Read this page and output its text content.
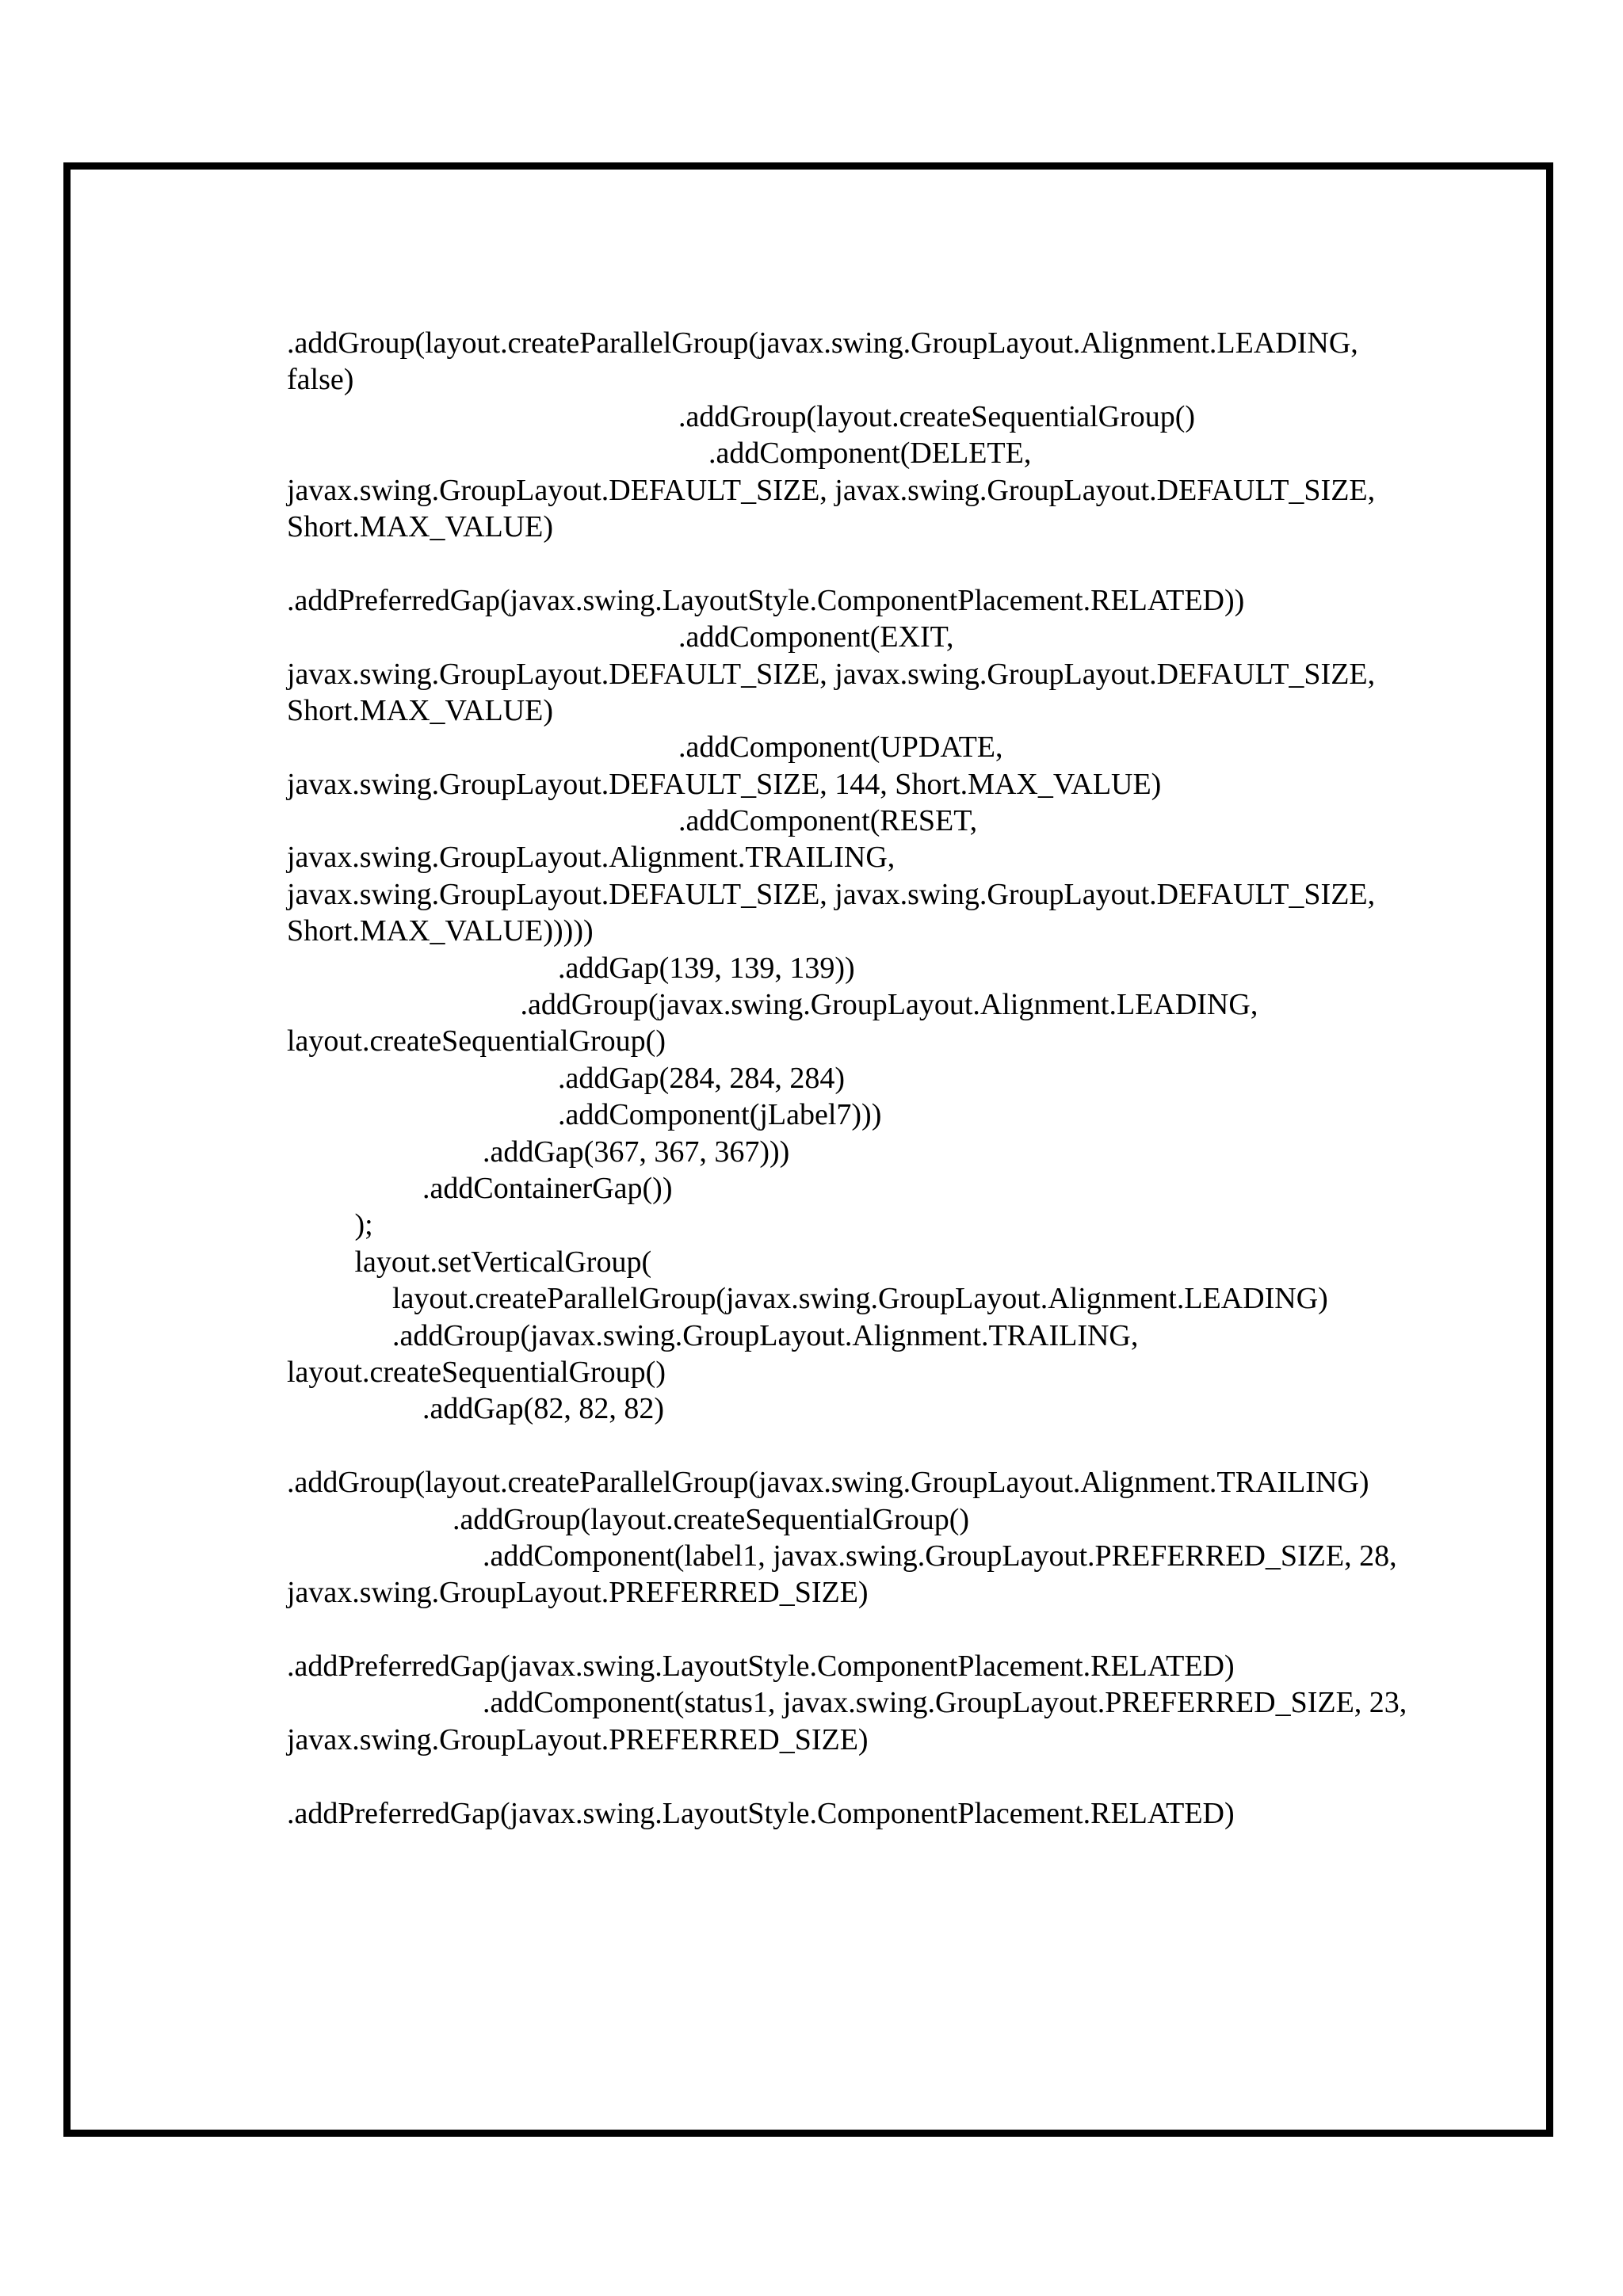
.addGroup(layout.createParallelGroup(javax.swing.GroupLayout.Alignment.LEADING,
false)
.addGroup(layout.createSequentialGroup()
.addComponent(DELETE,
javax.swing.GroupLayout.DEFAULT_SIZE, javax.swing.GroupLayout.DEFAULT_SIZE,
Short.MAX_VALUE)
.addPreferredGap(javax.swing.LayoutStyle.ComponentPlacement.RELATED))
.addComponent(EXIT,
javax.swing.GroupLayout.DEFAULT_SIZE, javax.swing.GroupLayout.DEFAULT_SIZE,
Short.MAX_VALUE)
.addComponent(UPDATE,
javax.swing.GroupLayout.DEFAULT_SIZE, 144, Short.MAX_VALUE)
.addComponent(RESET,
javax.swing.GroupLayout.Alignment.TRAILING,
javax.swing.GroupLayout.DEFAULT_SIZE, javax.swing.GroupLayout.DEFAULT_SIZE,
Short.MAX_VALUE)))))
.addGap(139, 139, 139))
.addGroup(javax.swing.GroupLayout.Alignment.LEADING,
layout.createSequentialGroup()
.addGap(284, 284, 284)
.addComponent(jLabel7)))
.addGap(367, 367, 367)))
.addContainerGap())
);
layout.setVerticalGroup(
layout.createParallelGroup(javax.swing.GroupLayout.Alignment.LEADING)
.addGroup(javax.swing.GroupLayout.Alignment.TRAILING,
layout.createSequentialGroup()
.addGap(82, 82, 82)
.addGroup(layout.createParallelGroup(javax.swing.GroupLayout.Alignment.TRAILING)
.addGroup(layout.createSequentialGroup()
.addComponent(label1, javax.swing.GroupLayout.PREFERRED_SIZE, 28,
javax.swing.GroupLayout.PREFERRED_SIZE)
.addPreferredGap(javax.swing.LayoutStyle.ComponentPlacement.RELATED)
.addComponent(status1, javax.swing.GroupLayout.PREFERRED_SIZE, 23,
javax.swing.GroupLayout.PREFERRED_SIZE)
.addPreferredGap(javax.swing.LayoutStyle.ComponentPlacement.RELATED)
